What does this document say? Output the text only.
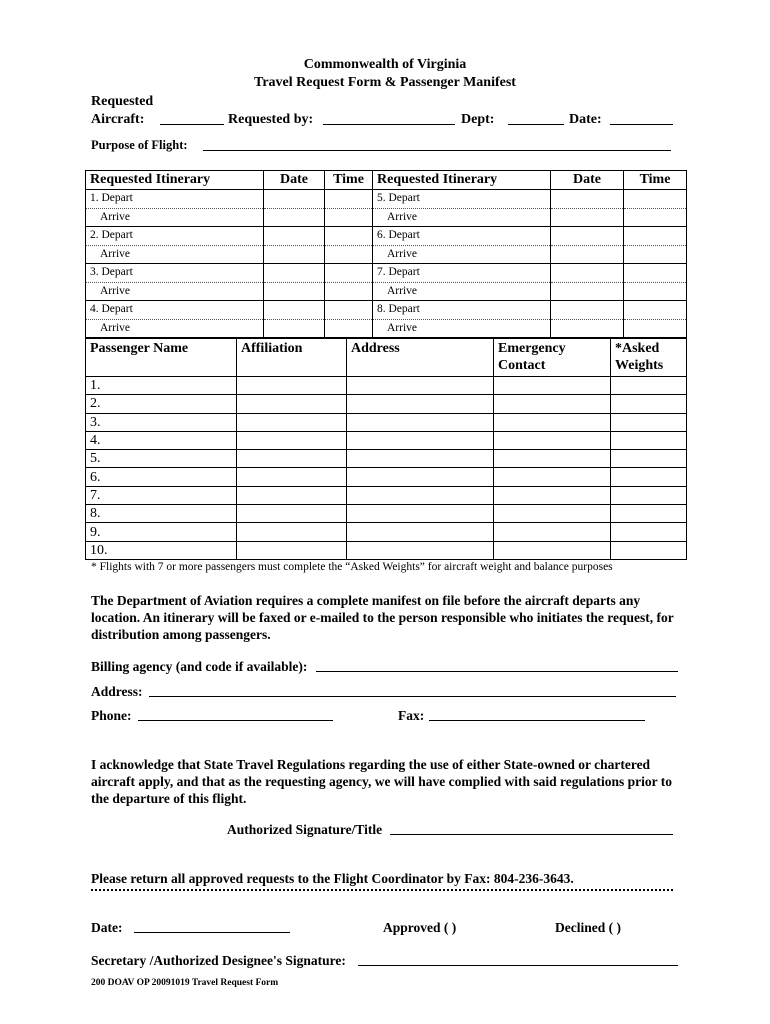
Commonwealth of Virginia
Travel Request Form & Passenger Manifest
Requested
Aircraft:	Requested by:	Dept:	Date:
Purpose of Flight:
Requested Itinerary	Date	Time	Requested Itinerary	Date	Time
1. Depart			5. Depart		
Arrive			Arrive		
2. Depart			6. Depart		
Arrive			Arrive		
3. Depart			7. Depart		
Arrive			Arrive		
4. Depart			8. Depart		
Arrive			Arrive		
Passenger Name	Affiliation	Address	Emergency Contact	*Asked Weights
1.				
2.				
3.				
4.				
5.				
6.				
7.				
8.				
9.				
10.				
* Flights with 7 or more passengers must complete the “Asked Weights” for aircraft weight and balance purposes
The Department of Aviation requires a complete manifest on file before the aircraft departs any location. An itinerary will be faxed or e-mailed to the person responsible who initiates the request, for distribution among passengers.
Billing agency (and code if available):
Address:
Phone:	Fax:
I acknowledge that State Travel Regulations regarding the use of either State-owned or chartered aircraft apply, and that as the requesting agency, we will have complied with said regulations prior to the departure of this flight.
Authorized Signature/Title
Please return all approved requests to the Flight Coordinator by Fax: 804-236-3643.
Date:	Approved ( )	Declined ( )
Secretary /Authorized Designee's Signature:
200 DOAV OP 20091019 Travel Request Form
